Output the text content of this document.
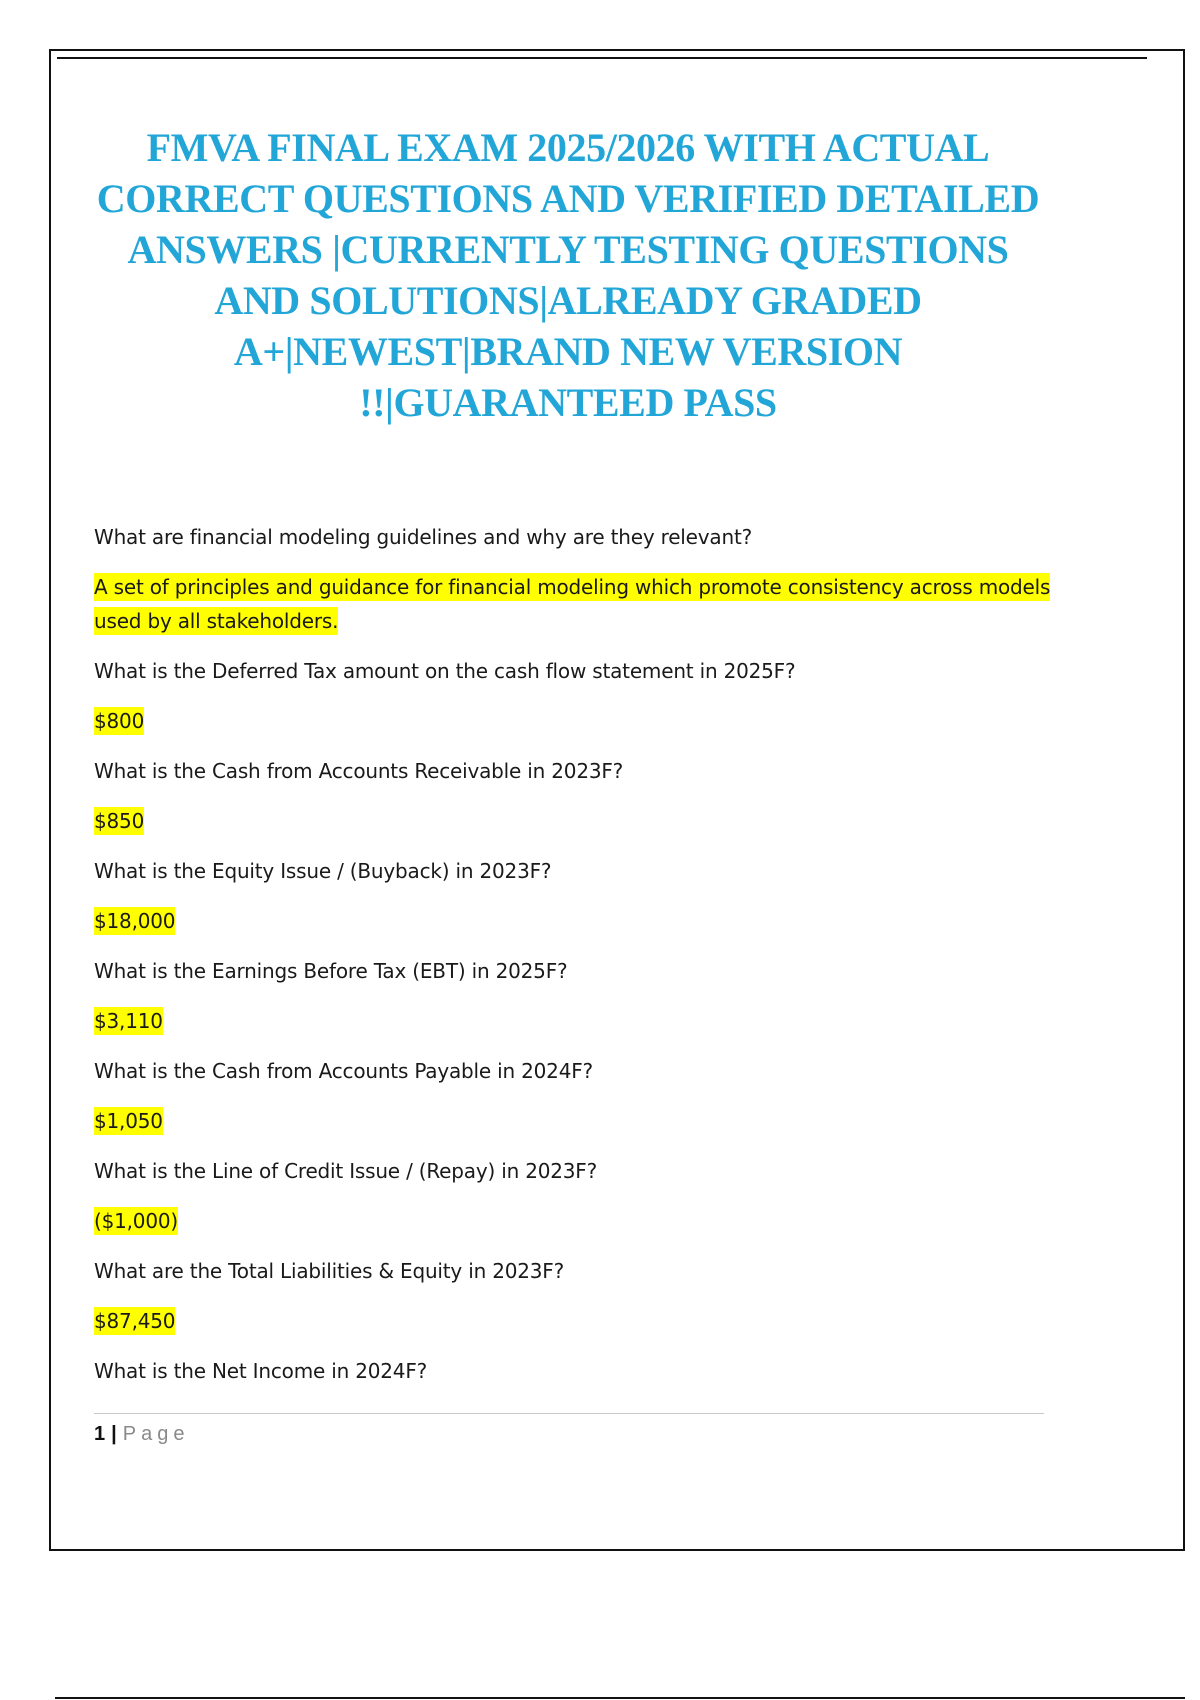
FMVA FINAL EXAM 2025/2026 WITH ACTUAL CORRECT QUESTIONS AND VERIFIED DETAILED ANSWERS |CURRENTLY TESTING QUESTIONS AND SOLUTIONS|ALREADY GRADED A+|NEWEST|BRAND NEW VERSION !!|GUARANTEED PASS

What are financial modeling guidelines and why are they relevant?

A set of principles and guidance for financial modeling which promote consistency across models used by all stakeholders.

What is the Deferred Tax amount on the cash flow statement in 2025F?

$800

What is the Cash from Accounts Receivable in 2023F?

$850

What is the Equity Issue / (Buyback) in 2023F?

$18,000

What is the Earnings Before Tax (EBT) in 2025F?

$3,110

What is the Cash from Accounts Payable in 2024F?

$1,050

What is the Line of Credit Issue / (Repay) in 2023F?

($1,000)

What are the Total Liabilities & Equity in 2023F?

$87,450

What is the Net Income in 2024F?

1 | Page
